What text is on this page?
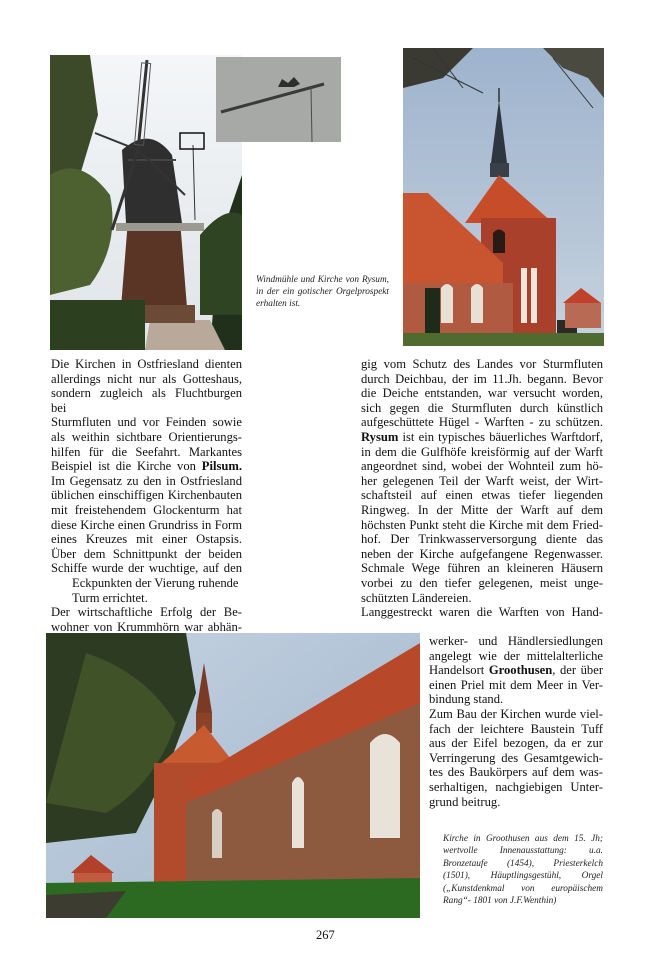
Windmühle und Kirche von Rysum, in der ein gotischer Orgelprospekt erhalten ist.

Die Kirchen in Ostfriesland dienten

allerdings nicht nur als Gotteshaus,

sondern zugleich als Fluchtburgen bei

Sturmfluten und vor Feinden sowie

als weithin sichtbare Orientierungs-

hilfen für die Seefahrt. Markantes

Beispiel ist die Kirche von Pilsum.

Im Gegensatz zu den in Ostfriesland

üblichen einschiffigen Kirchenbauten

mit freistehendem Glockenturm hat

diese Kirche einen Grundriss in Form

eines Kreuzes mit einer Ostapsis.

Über dem Schnittpunkt der beiden

Schiffe wurde der wuchtige, auf den

Eckpunkten der Vierung ruhende

Turm errichtet.

Der wirtschaftliche Erfolg der Be-

wohner von Krummhörn war abhän-

gig vom Schutz des Landes vor Sturmfluten

durch Deichbau, der im 11.Jh. begann. Bevor

die Deiche entstanden, war versucht worden,

sich gegen die Sturmfluten durch künstlich

aufgeschüttete Hügel - Warften - zu schützen.

Rysum ist ein typisches bäuerliches Warftdorf,

in dem die Gulfhöfe kreisförmig auf der Warft

angeordnet sind, wobei der Wohnteil zum hö-

her gelegenen Teil der Warft weist, der Wirt-

schaftsteil auf einen etwas tiefer liegenden

Ringweg. In der Mitte der Warft auf dem

höchsten Punkt steht die Kirche mit dem Fried-

hof. Der Trinkwasserversorgung diente das

neben der Kirche aufgefangene Regenwasser.

Schmale Wege führen an kleineren Häusern

vorbei zu den tiefer gelegenen, meist unge-

schützten Ländereien.

Langgestreckt waren die Warften von Hand-

werker- und Händlersiedlungen

angelegt wie der mittelalterliche

Handelsort Groothusen, der über

einen Priel mit dem Meer in Ver-

bindung stand.

Zum Bau der Kirchen wurde viel-

fach der leichtere Baustein Tuff

aus der Eifel bezogen, da er zur

Verringerung des Gesamtgewich-

tes des Baukörpers auf dem was-

serhaltigen, nachgiebigen Unter-

grund beitrug.

Kirche in Groothusen aus dem 15. Jh;
wertvolle Innenausstattung: u.a.
Bronzetaufe (1454), Priesterkelch
(1501), Häuptlingsgestühl, Orgel
(„Kunstdenkmal von europäischem
Rang“- 1801 von J.F.Wenthin)
267
